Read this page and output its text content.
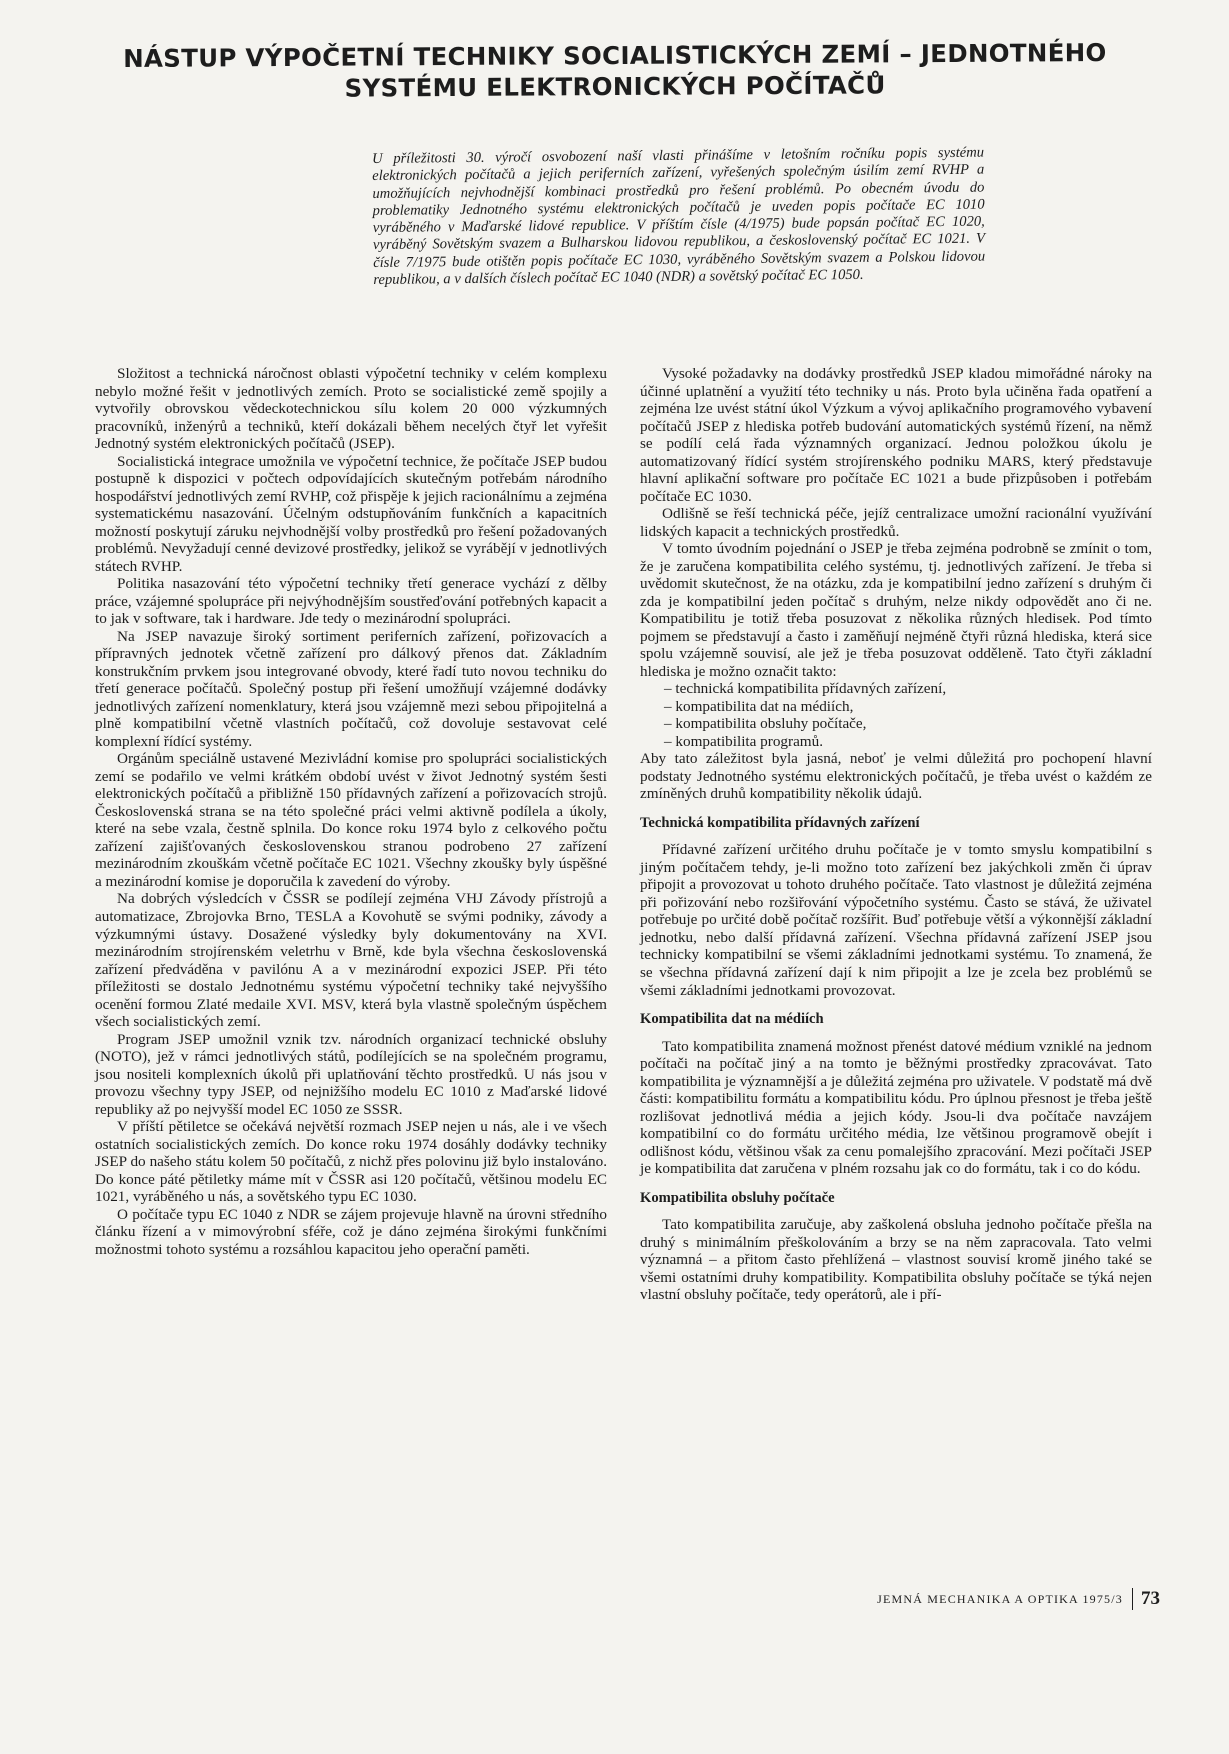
NÁSTUP VÝPOČETNÍ TECHNIKY SOCIALISTICKÝCH ZEMÍ – JEDNOTNÉHO
SYSTÉMU ELEKTRONICKÝCH POČÍTAČŮ
U příležitosti 30. výročí osvobození naší vlasti přinášíme v letošním ročníku popis systému elektronických počítačů a jejich periferních zařízení, vyřešených společným úsilím zemí RVHP a umožňujících nejvhodnější kombinaci prostředků pro řešení problémů. Po obecném úvodu do problematiky Jednotného systému elektronických počítačů je uveden popis počítače EC 1010 vyráběného v Maďarské lidové republice. V příštím čísle (4/1975) bude popsán počítač EC 1020, vyráběný Sovětským svazem a Bulharskou lidovou republikou, a československý počítač EC 1021. V čísle 7/1975 bude otištěn popis počítače EC 1030, vyráběného Sovětským svazem a Polskou lidovou republikou, a v dalších číslech počítač EC 1040 (NDR) a sovětský počítač EC 1050.

Složitost a technická náročnost oblasti výpočetní techniky v celém komplexu nebylo možné řešit v jednotlivých zemích. Proto se socialistické země spojily a vytvořily obrovskou vědeckotechnickou sílu kolem 20 000 výzkumných pracovníků, inženýrů a techniků, kteří dokázali během necelých čtyř let vyřešit Jednotný systém elektronických počítačů (JSEP).

Socialistická integrace umožnila ve výpočetní technice, že počítače JSEP budou postupně k dispozici v počtech odpovídajících skutečným potřebám národního hospodářství jednotlivých zemí RVHP, což přispěje k jejich racionálnímu a zejména systematickému nasazování. Účelným odstupňováním funkčních a kapacitních možností poskytují záruku nejvhodnější volby prostředků pro řešení požadovaných problémů. Nevyžadují cenné devizové prostředky, jelikož se vyrábějí v jednotlivých státech RVHP.

Politika nasazování této výpočetní techniky třetí generace vychází z dělby práce, vzájemné spolupráce při nejvýhodnějším soustřeďování potřebných kapacit a to jak v software, tak i hardware. Jde tedy o mezinárodní spolupráci.

Na JSEP navazuje široký sortiment periferních zařízení, pořizovacích a přípravných jednotek včetně zařízení pro dálkový přenos dat. Základním konstrukčním prvkem jsou integrované obvody, které řadí tuto novou techniku do třetí generace počítačů. Společný postup při řešení umožňují vzájemné dodávky jednotlivých zařízení nomenklatury, která jsou vzájemně mezi sebou připojitelná a plně kompatibilní včetně vlastních počítačů, což dovoluje sestavovat celé komplexní řídící systémy.

Orgánům speciálně ustavené Mezivládní komise pro spolupráci socialistických zemí se podařilo ve velmi krátkém období uvést v život Jednotný systém šesti elektronických počítačů a přibližně 150 přídavných zařízení a pořizovacích strojů. Československá strana se na této společné práci velmi aktivně podílela a úkoly, které na sebe vzala, čestně splnila. Do konce roku 1974 bylo z celkového počtu zařízení zajišťovaných československou stranou podrobeno 27 zařízení mezinárodním zkouškám včetně počítače EC 1021. Všechny zkoušky byly úspěšné a mezinárodní komise je doporučila k zavedení do výroby.

Na dobrých výsledcích v ČSSR se podílejí zejména VHJ Závody přístrojů a automatizace, Zbrojovka Brno, TESLA a Kovohutě se svými podniky, závody a výzkumnými ústavy. Dosažené výsledky byly dokumentovány na XVI. mezinárodním strojírenském veletrhu v Brně, kde byla všechna československá zařízení předváděna v pavilónu A a v mezinárodní expozici JSEP. Při této příležitosti se dostalo Jednotnému systému výpočetní techniky také nejvyššího ocenění formou Zlaté medaile XVI. MSV, která byla vlastně společným úspěchem všech socialistických zemí.

Program JSEP umožnil vznik tzv. národních organizací technické obsluhy (NOTO), jež v rámci jednotlivých států, podílejících se na společném programu, jsou nositeli komplexních úkolů při uplatňování těchto prostředků. U nás jsou v provozu všechny typy JSEP, od nejnižšího modelu EC 1010 z Maďarské lidové republiky až po nejvyšší model EC 1050 ze SSSR.

V příští pětiletce se očekává největší rozmach JSEP nejen u nás, ale i ve všech ostatních socialistických zemích. Do konce roku 1974 dosáhly dodávky techniky JSEP do našeho státu kolem 50 počítačů, z nichž přes polovinu již bylo instalováno. Do konce páté pětiletky máme mít v ČSSR asi 120 počítačů, většinou modelu EC 1021, vyráběného u nás, a sovětského typu EC 1030.

O počítače typu EC 1040 z NDR se zájem projevuje hlavně na úrovni středního článku řízení a v mimovýrobní sféře, což je dáno zejména širokými funkčními možnostmi tohoto systému a rozsáhlou kapacitou jeho operační paměti.

Vysoké požadavky na dodávky prostředků JSEP kladou mimořádné nároky na účinné uplatnění a využití této techniky u nás. Proto byla učiněna řada opatření a zejména lze uvést státní úkol Výzkum a vývoj aplikačního programového vybavení počítačů JSEP z hlediska potřeb budování automatických systémů řízení, na němž se podílí celá řada významných organizací. Jednou položkou úkolu je automatizovaný řídící systém strojírenského podniku MARS, který představuje hlavní aplikační software pro počítače EC 1021 a bude přizpůsoben i potřebám počítače EC 1030.

Odlišně se řeší technická péče, jejíž centralizace umožní racionální využívání lidských kapacit a technických prostředků.

V tomto úvodním pojednání o JSEP je třeba zejména podrobně se zmínit o tom, že je zaručena kompatibilita celého systému, tj. jednotlivých zařízení. Je třeba si uvědomit skutečnost, že na otázku, zda je kompatibilní jedno zařízení s druhým či zda je kompatibilní jeden počítač s druhým, nelze nikdy odpovědět ano či ne. Kompatibilitu je totiž třeba posuzovat z několika různých hledisek. Pod tímto pojmem se představují a často i zaměňují nejméně čtyři různá hlediska, která sice spolu vzájemně souvisí, ale jež je třeba posuzovat odděleně. Tato čtyři základní hlediska je možno označit takto:

– technická kompatibilita přídavných zařízení,
– kompatibilita dat na médiích,
– kompatibilita obsluhy počítače,
– kompatibilita programů.

Aby tato záležitost byla jasná, neboť je velmi důležitá pro pochopení hlavní podstaty Jednotného systému elektronických počítačů, je třeba uvést o každém ze zmíněných druhů kompatibility několik údajů.

Technická kompatibilita přídavných zařízení

Přídavné zařízení určitého druhu počítače je v tomto smyslu kompatibilní s jiným počítačem tehdy, je-li možno toto zařízení bez jakýchkoli změn či úprav připojit a provozovat u tohoto druhého počítače. Tato vlastnost je důležitá zejména při pořizování nebo rozšiřování výpočetního systému. Často se stává, že uživatel potřebuje po určité době počítač rozšířit. Buď potřebuje větší a výkonnější základní jednotku, nebo další přídavná zařízení. Všechna přídavná zařízení JSEP jsou technicky kompatibilní se všemi základními jednotkami systému. To znamená, že se všechna přídavná zařízení dají k nim připojit a lze je zcela bez problémů se všemi základními jednotkami provozovat.

Kompatibilita dat na médiích

Tato kompatibilita znamená možnost přenést datové médium vzniklé na jednom počítači na počítač jiný a na tomto je běžnými prostředky zpracovávat. Tato kompatibilita je významnější a je důležitá zejména pro uživatele. V podstatě má dvě části: kompatibilitu formátu a kompatibilitu kódu. Pro úplnou přesnost je třeba ještě rozlišovat jednotlivá média a jejich kódy. Jsou-li dva počítače navzájem kompatibilní co do formátu určitého média, lze většinou programově obejít i odlišnost kódu, většinou však za cenu pomalejšího zpracování. Mezi počítači JSEP je kompatibilita dat zaručena v plném rozsahu jak co do formátu, tak i co do kódu.

Kompatibilita obsluhy počítače

Tato kompatibilita zaručuje, aby zaškolená obsluha jednoho počítače přešla na druhý s minimálním přeškolováním a brzy se na něm zapracovala. Tato velmi významná – a přitom často přehlížená – vlastnost souvisí kromě jiného také se všemi ostatními druhy kompatibility. Kompatibilita obsluhy počítače se týká nejen vlastní obsluhy počítače, tedy operátorů, ale i pří-

JEMNÁ MECHANIKA A OPTIKA 1975/3 73
